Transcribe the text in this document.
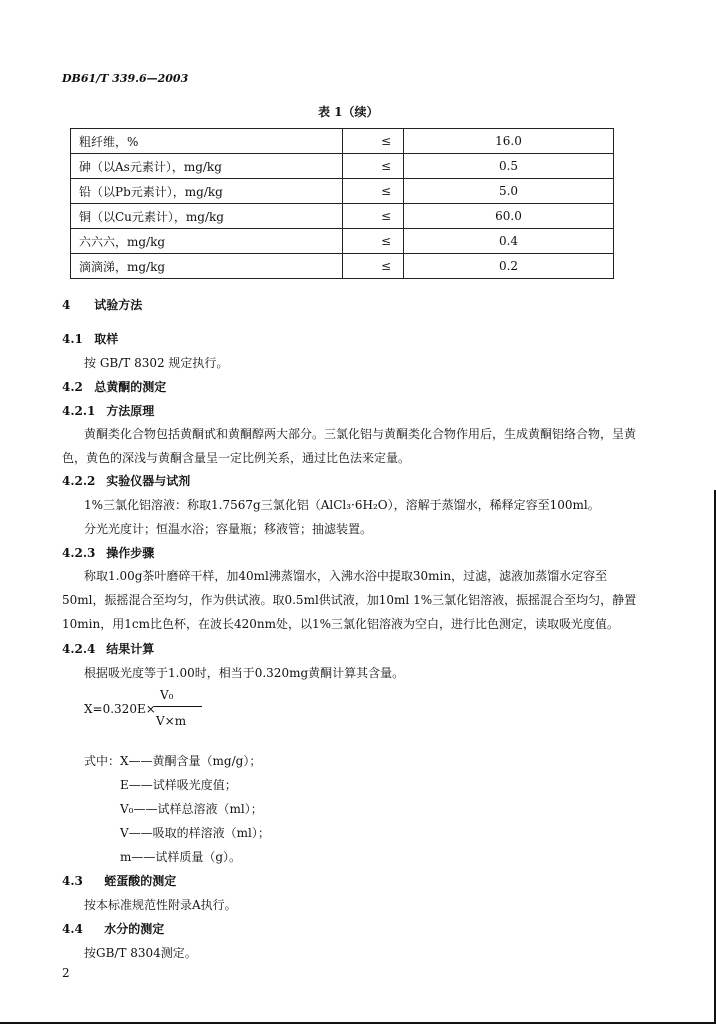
DB61/T 339.6—2003
表 1（续）
粗纤维，%	≤	16.0
砷（以As元素计），mg/kg	≤	0.5
铅（以Pb元素计），mg/kg	≤	5.0
铜（以Cu元素计），mg/kg	≤	60.0
六六六，mg/kg	≤	0.4
滴滴涕，mg/kg	≤	0.2
4 试验方法
4.1 取样
按 GB/T 8302 规定执行。
4.2 总黄酮的测定
4.2.1 方法原理
黄酮类化合物包括黄酮甙和黄酮醇两大部分。三氯化铝与黄酮类化合物作用后，生成黄酮铝络合物，呈黄色，黄色的深浅与黄酮含量呈一定比例关系，通过比色法来定量。
4.2.2 实验仪器与试剂
1%三氯化铝溶液：称取1.7567g三氯化铝（AlCl₃·6H₂O），溶解于蒸馏水，稀释定容至100ml。
分光光度计；恒温水浴；容量瓶；移液管；抽滤装置。
4.2.3 操作步骤
称取1.00g茶叶磨碎干样，加40ml沸蒸馏水，入沸水浴中提取30min，过滤，滤液加蒸馏水定容至50ml，振摇混合至均匀，作为供试液。取0.5ml供试液，加10ml 1%三氯化铝溶液，振摇混合至均匀，静置10min，用1cm比色杯，在波长420nm处，以1%三氯化铝溶液为空白，进行比色测定，读取吸光度值。
4.2.4 结果计算
根据吸光度等于1.00时，相当于0.320mg黄酮计算其含量。
X=0.320E×
V₀
V×m
式中： X——黄酮含量（mg/g）；
E——试样吸光度值；
V₀——试样总溶液（ml）；
V——吸取的样溶液（ml）；
m——试样质量（g）。
4.3 蛭蛋酸的测定
按本标准规范性附录A执行。
4.4 水分的测定
按GB/T 8304测定。
2
